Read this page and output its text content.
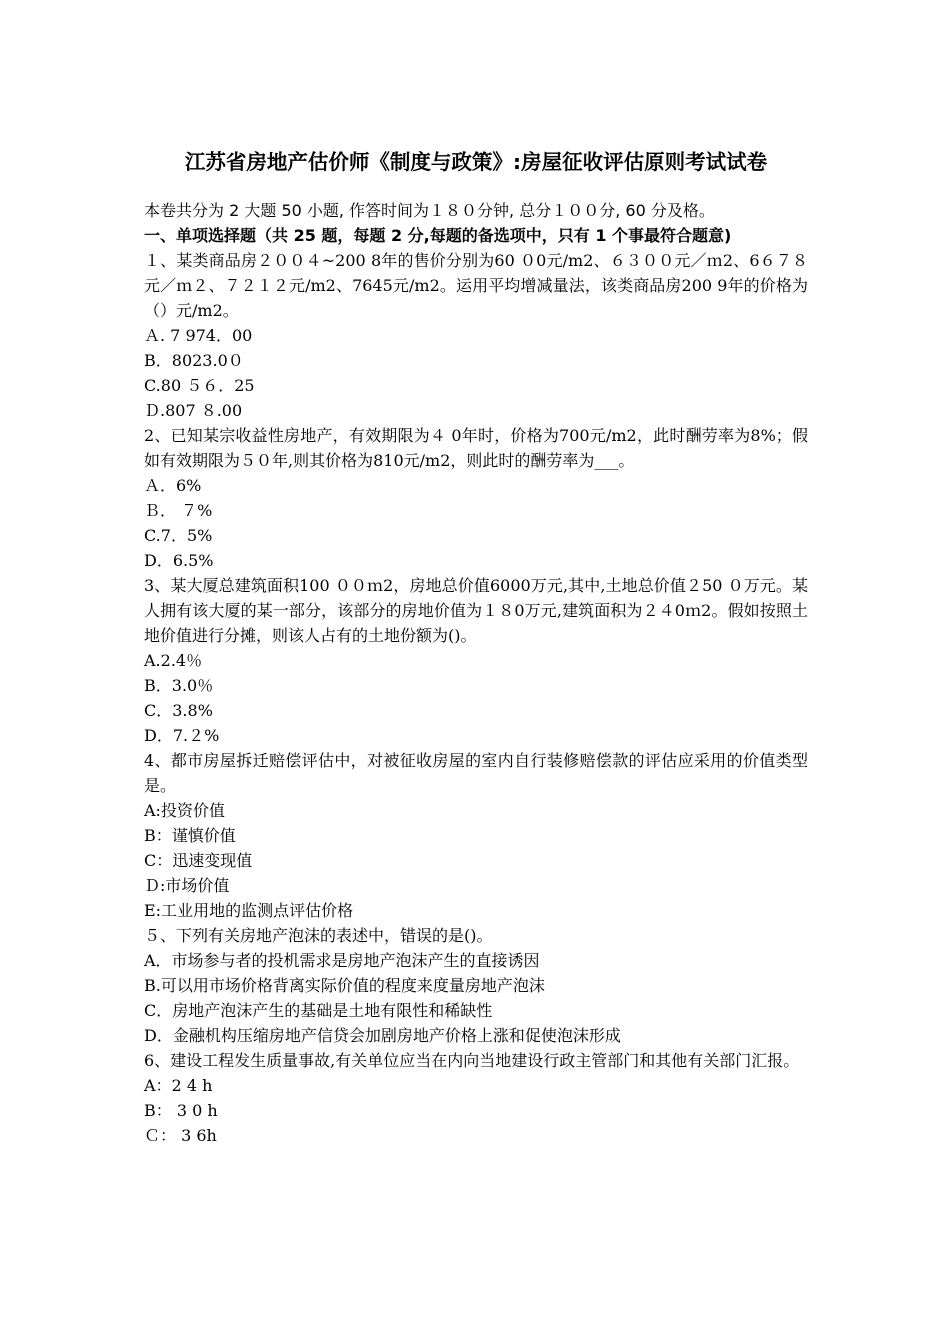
江苏省房地产估价师《制度与政策》:房屋征收评估原则考试试卷
本卷共分为 2 大题 50 小题, 作答时间为１８０分钟, 总分１００分, 60 分及格。
一、单项选择题（共 25 题，每题 2 分,每题的备选项中，只有 1 个事最符合题意)
１、某类商品房２００４~200 8年的售价分别为60 ０0元/m2、６３００元／ｍ2、6６７８元／ｍ２、７２１２元/m2、7645元/m2。运用平均增减量法，该类商品房200 9年的价格为（）元/m2。
Ａ. 7 974．00
B．8023.0０
C.80 ５６．25
Ｄ.807 ８.00
2、已知某宗收益性房地产，有效期限为４ 0年时，价格为700元/m2，此时酬劳率为8%；假如有效期限为５０年,则其价格为810元/m2，则此时的酬劳率为___。
Ａ．6%
Ｂ． ７%
C.7．5%
D．6.5%
3、某大厦总建筑面积100 ００ｍ2，房地总价值6000万元,其中,土地总价值２50 ０万元。某人拥有该大厦的某一部分，该部分的房地价值为１８0万元,建筑面积为２４0ｍ2。假如按照土地价值进行分摊，则该人占有的土地份额为()。
A.2.4％
B．3.0％
C．3.8%
D．7.２%
4、都市房屋拆迁赔偿评估中，对被征收房屋的室内自行装修赔偿款的评估应采用的价值类型是。
A:投资价值
B：谨慎价值
C：迅速变现值
Ｄ:市场价值
E:工业用地的监测点评估价格
５、下列有关房地产泡沫的表述中，错误的是()。
A．市场参与者的投机需求是房地产泡沫产生的直接诱因
B.可以用市场价格背离实际价值的程度来度量房地产泡沫
C．房地产泡沫产生的基础是土地有限性和稀缺性
D．金融机构压缩房地产信贷会加剧房地产价格上涨和促使泡沫形成
6、建设工程发生质量事故,有关单位应当在内向当地建设行政主管部门和其他有关部门汇报。
A：2 4 h
B： 3 0 h
Ｃ： 3 6h
